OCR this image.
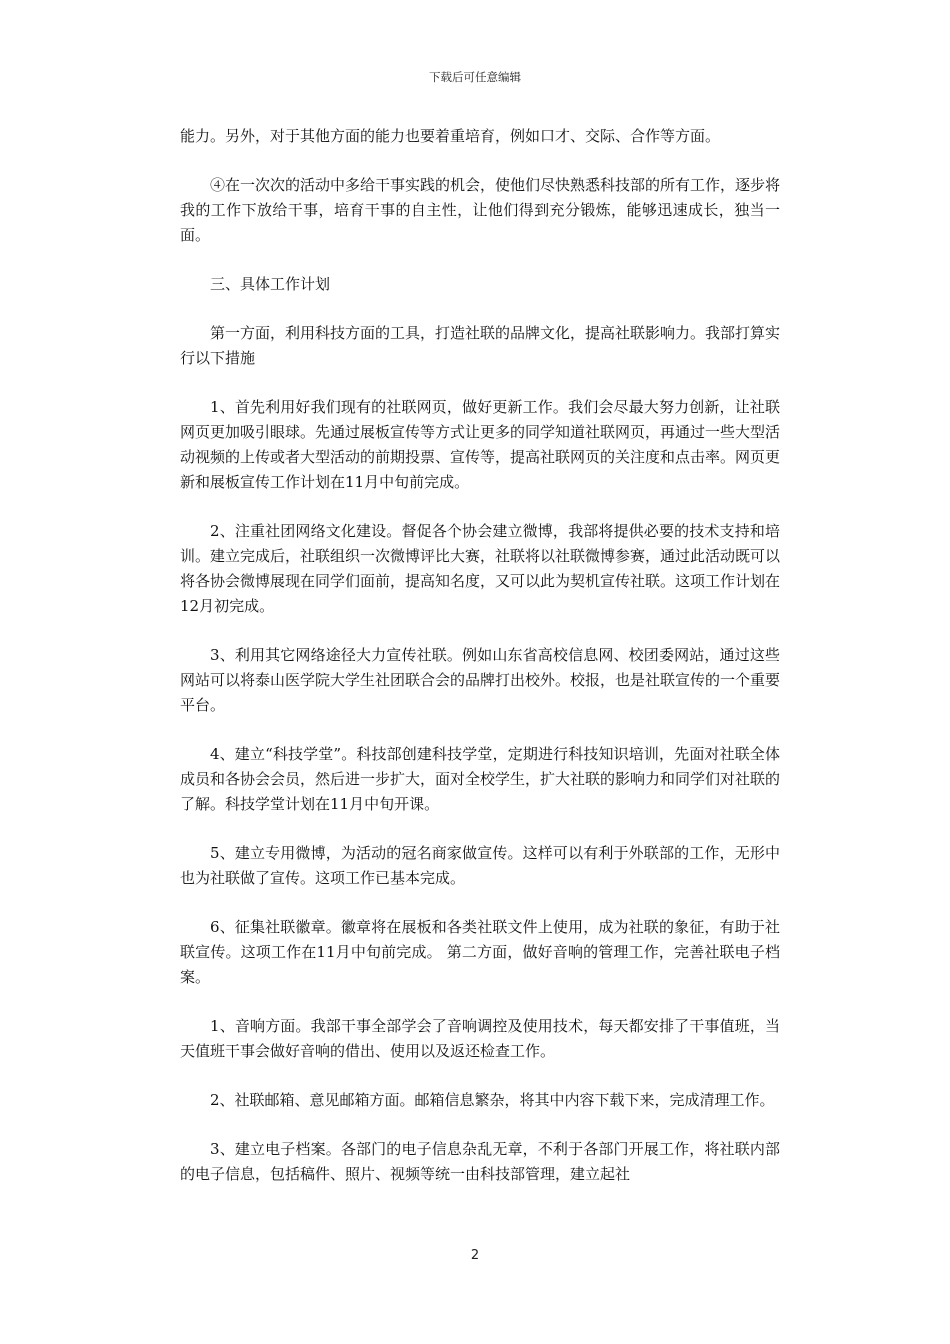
下载后可任意编辑

能力。另外，对于其他方面的能力也要着重培育，例如口才、交际、合作等方面。

④在一次次的活动中多给干事实践的机会，使他们尽快熟悉科技部的所有工作，逐步将我的工作下放给干事，培育干事的自主性，让他们得到充分锻炼，能够迅速成长，独当一面。

三、具体工作计划

第一方面，利用科技方面的工具，打造社联的品牌文化，提高社联影响力。我部打算实行以下措施

1、首先利用好我们现有的社联网页，做好更新工作。我们会尽最大努力创新，让社联网页更加吸引眼球。先通过展板宣传等方式让更多的同学知道社联网页，再通过一些大型活动视频的上传或者大型活动的前期投票、宣传等，提高社联网页的关注度和点击率。网页更新和展板宣传工作计划在11月中旬前完成。

2、注重社团网络文化建设。督促各个协会建立微博，我部将提供必要的技术支持和培训。建立完成后，社联组织一次微博评比大赛，社联将以社联微博参赛，通过此活动既可以将各协会微博展现在同学们面前，提高知名度，又可以此为契机宣传社联。这项工作计划在12月初完成。

3、利用其它网络途径大力宣传社联。例如山东省高校信息网、校团委网站，通过这些网站可以将泰山医学院大学生社团联合会的品牌打出校外。校报，也是社联宣传的一个重要平台。

4、建立“科技学堂”。科技部创建科技学堂，定期进行科技知识培训，先面对社联全体成员和各协会会员，然后进一步扩大，面对全校学生，扩大社联的影响力和同学们对社联的了解。科技学堂计划在11月中旬开课。

5、建立专用微博，为活动的冠名商家做宣传。这样可以有利于外联部的工作，无形中也为社联做了宣传。这项工作已基本完成。

6、征集社联徽章。徽章将在展板和各类社联文件上使用，成为社联的象征，有助于社联宣传。这项工作在11月中旬前完成。 第二方面，做好音响的管理工作，完善社联电子档案。

1、音响方面。我部干事全部学会了音响调控及使用技术，每天都安排了干事值班，当天值班干事会做好音响的借出、使用以及返还检查工作。

2、社联邮箱、意见邮箱方面。邮箱信息繁杂，将其中内容下载下来，完成清理工作。

3、建立电子档案。各部门的电子信息杂乱无章，不利于各部门开展工作，将社联内部的电子信息，包括稿件、照片、视频等统一由科技部管理，建立起社

2
